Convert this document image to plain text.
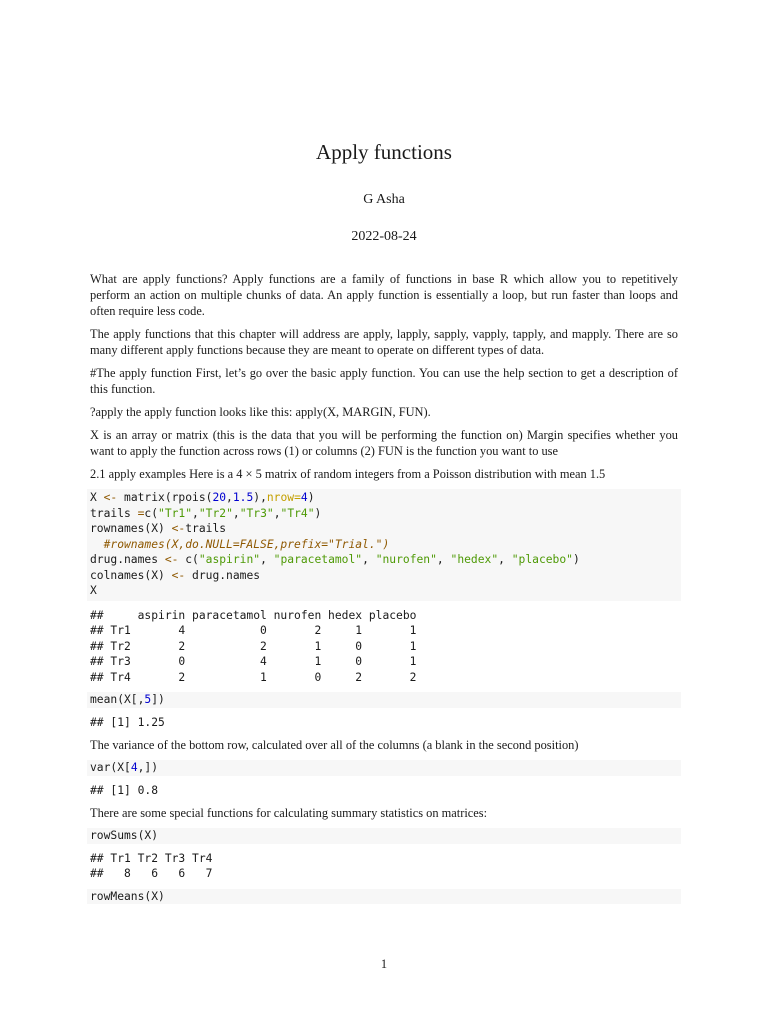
Apply functions
G Asha
2022-08-24

What are apply functions? Apply functions are a family of functions in base R which allow you to repetitively perform an action on multiple chunks of data. An apply function is essentially a loop, but run faster than loops and often require less code.

The apply functions that this chapter will address are apply, lapply, sapply, vapply, tapply, and mapply. There are so many different apply functions because they are meant to operate on different types of data.

#The apply function First, let’s go over the basic apply function. You can use the help section to get a description of this function.

?apply the apply function looks like this: apply(X, MARGIN, FUN).

X is an array or matrix (this is the data that you will be performing the function on) Margin specifies whether you want to apply the function across rows (1) or columns (2) FUN is the function you want to use

2.1 apply examples Here is a 4 × 5 matrix of random integers from a Poisson distribution with mean 1.5

X <- matrix(rpois(20,1.5),nrow=4)
trails =c("Tr1","Tr2","Tr3","Tr4")
rownames(X) <-trails
#rownames(X,do.NULL=FALSE,prefix="Trial.")
drug.names <- c("aspirin", "paracetamol", "nurofen", "hedex", "placebo")
colnames(X) <- drug.names
X
##     aspirin paracetamol nurofen hedex placebo
## Tr1       4           0       2     1       1
## Tr2       2           2       1     0       1
## Tr3       0           4       1     0       1
## Tr4       2           1       0     2       2
mean(X[,5])
## [1] 1.25

The variance of the bottom row, calculated over all of the columns (a blank in the second position)

var(X[4,])
## [1] 0.8

There are some special functions for calculating summary statistics on matrices:

rowSums(X)
## Tr1 Tr2 Tr3 Tr4
##   8   6   6   7
rowMeans(X)
1
